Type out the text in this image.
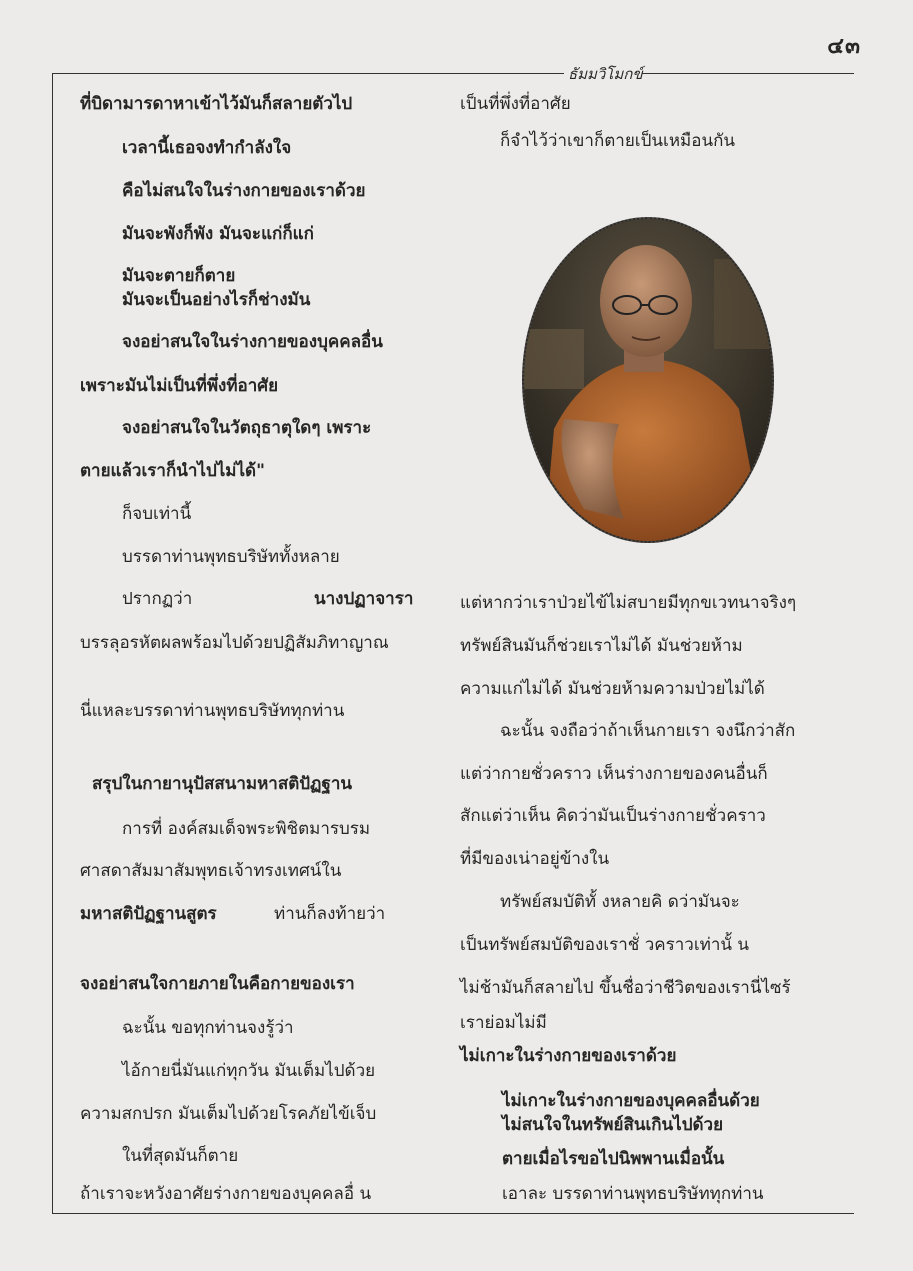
๔๓
ธัมมวิโมกข์
ที่บิดามารดาหาเข้าไว้มันก็สลายตัวไป
เวลานี้เธอจงทำกำลังใจ
คือไม่สนใจในร่างกายของเราด้วย
มันจะพังก็พัง มันจะแก่ก็แก่
มันจะตายก็ตาย
มันจะเป็นอย่างไรก็ช่างมัน
จงอย่าสนใจในร่างกายของบุคคลอื่น
เพราะมันไม่เป็นที่พึ่งที่อาศัย
จงอย่าสนใจในวัตถุธาตุใดๆ เพราะ
ตายแล้วเราก็นำไปไม่ได้"
ก็จบเท่านี้
บรรดาท่านพุทธบริษัททั้งหลาย
ปรากฏว่า	นางปฏาจารา
บรรลุอรหัตผลพร้อมไปด้วยปฏิสัมภิทาญาณ
นี่แหละบรรดาท่านพุทธบริษัททุกท่าน
สรุปในกายานุปัสสนามหาสติปัฏฐาน
การที่ องค์สมเด็จพระพิชิตมารบรม
ศาสดาสัมมาสัมพุทธเจ้าทรงเทศน์ใน
มหาสติปัฏฐานสูตร	ท่านก็ลงท้ายว่า
จงอย่าสนใจกายภายในคือกายของเรา
ฉะนั้น ขอทุกท่านจงรู้ว่า
ไอ้กายนี่มันแก่ทุกวัน มันเต็มไปด้วย
ความสกปรก มันเต็มไปด้วยโรคภัยไข้เจ็บ
ในที่สุดมันก็ตาย
ถ้าเราจะหวังอาศัยร่างกายของบุคคลอื่ น
เป็นที่พึ่งที่อาศัย
ก็จำไว้ว่าเขาก็ตายเป็นเหมือนกัน
แต่หากว่าเราป่วยไข้ไม่สบายมีทุกขเวทนาจริงๆ
ทรัพย์สินมันก็ช่วยเราไม่ได้ มันช่วยห้าม
ความแก่ไม่ได้ มันช่วยห้ามความป่วยไม่ได้
ฉะนั้น จงถือว่าถ้าเห็นกายเรา จงนึกว่าสัก
แต่ว่ากายชั่วคราว เห็นร่างกายของคนอื่นก็
สักแต่ว่าเห็น คิดว่ามันเป็นร่างกายชั่วคราว
ที่มีของเน่าอยู่ข้างใน
ทรัพย์สมบัติทั้ งหลายคิ ดว่ามันจะ
เป็นทรัพย์สมบัติของเราชั่ วคราวเท่านั้ น
ไม่ช้ามันก็สลายไป ขึ้นชื่อว่าชีวิตของเรานี่ไซร้
เราย่อมไม่มี
ไม่เกาะในร่างกายของเราด้วย
ไม่เกาะในร่างกายของบุคคลอื่นด้วย
ไม่สนใจในทรัพย์สินเกินไปด้วย
ตายเมื่อไรขอไปนิพพานเมื่อนั้น
เอาละ บรรดาท่านพุทธบริษัททุกท่าน
